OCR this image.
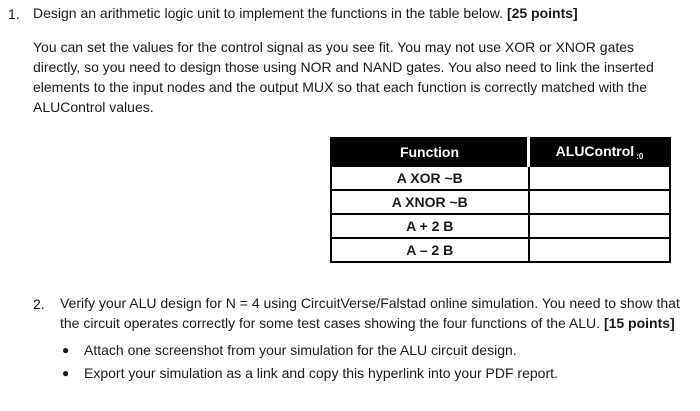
1. Design an arithmetic logic unit to implement the functions in the table below. [25 points]
You can set the values for the control signal as you see fit. You may not use XOR or XNOR gates directly, so you need to design those using NOR and NAND gates. You also need to link the inserted elements to the input nodes and the output MUX so that each function is correctly matched with the ALUControl values.
Function	ALUControl $_{:0}$
A XOR ~B	
A XNOR ~B	
A + 2 B	
A – 2 B	
2. Verify your ALU design for N = 4 using CircuitVerse/Falstad online simulation. You need to show that the circuit operates correctly for some test cases showing the four functions of the ALU. [15 points]
●	Attach one screenshot from your simulation for the ALU circuit design.
●	Export your simulation as a link and copy this hyperlink into your PDF report.
